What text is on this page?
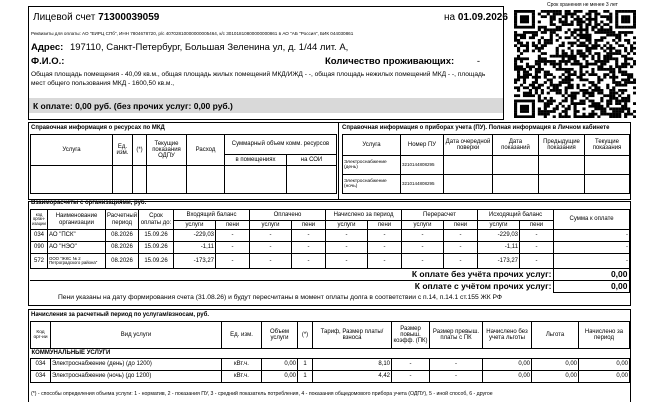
Лицевой счет 71300039059	на 01.09.2026
Срок хранения не менее 3 лет
Реквизиты для оплаты: АО "ЕИРЦ СПб", ИНН 7804678720, р/с 40702810000000005464, к/с 30101810800000000861 в АО "АБ "Россия", БИК 044030861
Адрес: 197110, Санкт-Петербург, Большая Зеленина ул, д. 1/44 лит. А,
Ф.И.О.:	Количество проживающих: -
Общая площадь помещения - 40,09 кв.м., общая площадь жилых помещений МКД/ИЖД - -, общая площадь нежилых помещений МКД - -, площадь
мест общего пользования МКД - 1600,50 кв.м.,
К оплате: 0,00 руб. (без прочих услуг: 0,00 руб.)
Справочная информация о ресурсах по МКД
Услуга	Ед. изм.	(*)	Текущие показания ОДПУ	Расход	Суммарный объем комм. ресурсов	
					в помещениях	на СОИ

Справочная информация о приборах учета (ПУ). Полная информация в Личном кабинете
Услуга	Номер ПУ	Дата очередной поверки	Дата показаний	Предыдущие показания	Текущие показания
Электроснабжение (день)	3210144808295				
Электроснабжение (ночь)	3210144808295				
Взаиморасчеты с организациями, руб.
код орган-изации	Наименование организации	Расчетный период	Срок оплаты до:	Входящий баланс		Оплачено		Начислено за период		Перерасчет		Исходящий баланс		Сумма к оплате
				услуги	пени	услуги	пени	услуги	пени	услуги	пени	услуги	пени	
034	АО "ПСК"	08.2026	15.09.26	-229,03	-	-	-	-	-	-	-	-229,03	-	-
090	АО "НЭО"	08.2026	15.09.26	-1,11	-	-	-	-	-	-	-	-1,11	-	-
572	ООО "ЖКС № 2 Петроградского района"	08.2026	15.09.26	-173,27	-	-	-	-	-	-	-	-173,27	-	-
К оплате без учёта прочих услуг:	0,00
К оплате с учётом прочих услуг:	0,00
Пени указаны на дату формирования счета (31.08.26) и будут пересчитаны в момент оплаты долга в соответствии с п.14, п.14.1 ст.155 ЖК РФ
Начисления за расчетный период по услугам/взносам, руб.
Код орг-ии	Вид услуги	Ед. изм.	Объем услуги	(*)	Тариф, Размер платы/взноса	Размер повыш. коэфф. (ПК)	Размер превыш. платы с ПК	Начислено без учета льготы	Льгота	Начислено за период
КОММУНАЛЬНЫЕ УСЛУГИ										
034	Электроснабжение (день) (до 1200)	кВт.ч.	0,00	1	8,10	-	-	0,00	0,00	0,00
034	Электроснабжение (ночь) (до 1200)	кВт.ч.	0,00	1	4,42	-	-	0,00	0,00	0,00
(*) - способы определения объема услуги: 1 - норматив, 2 - показания ПУ, 3 - средний показатель потребления, 4 - показания общедомового прибора учета (ОДПУ), 5 - иной способ, 6 - другое
